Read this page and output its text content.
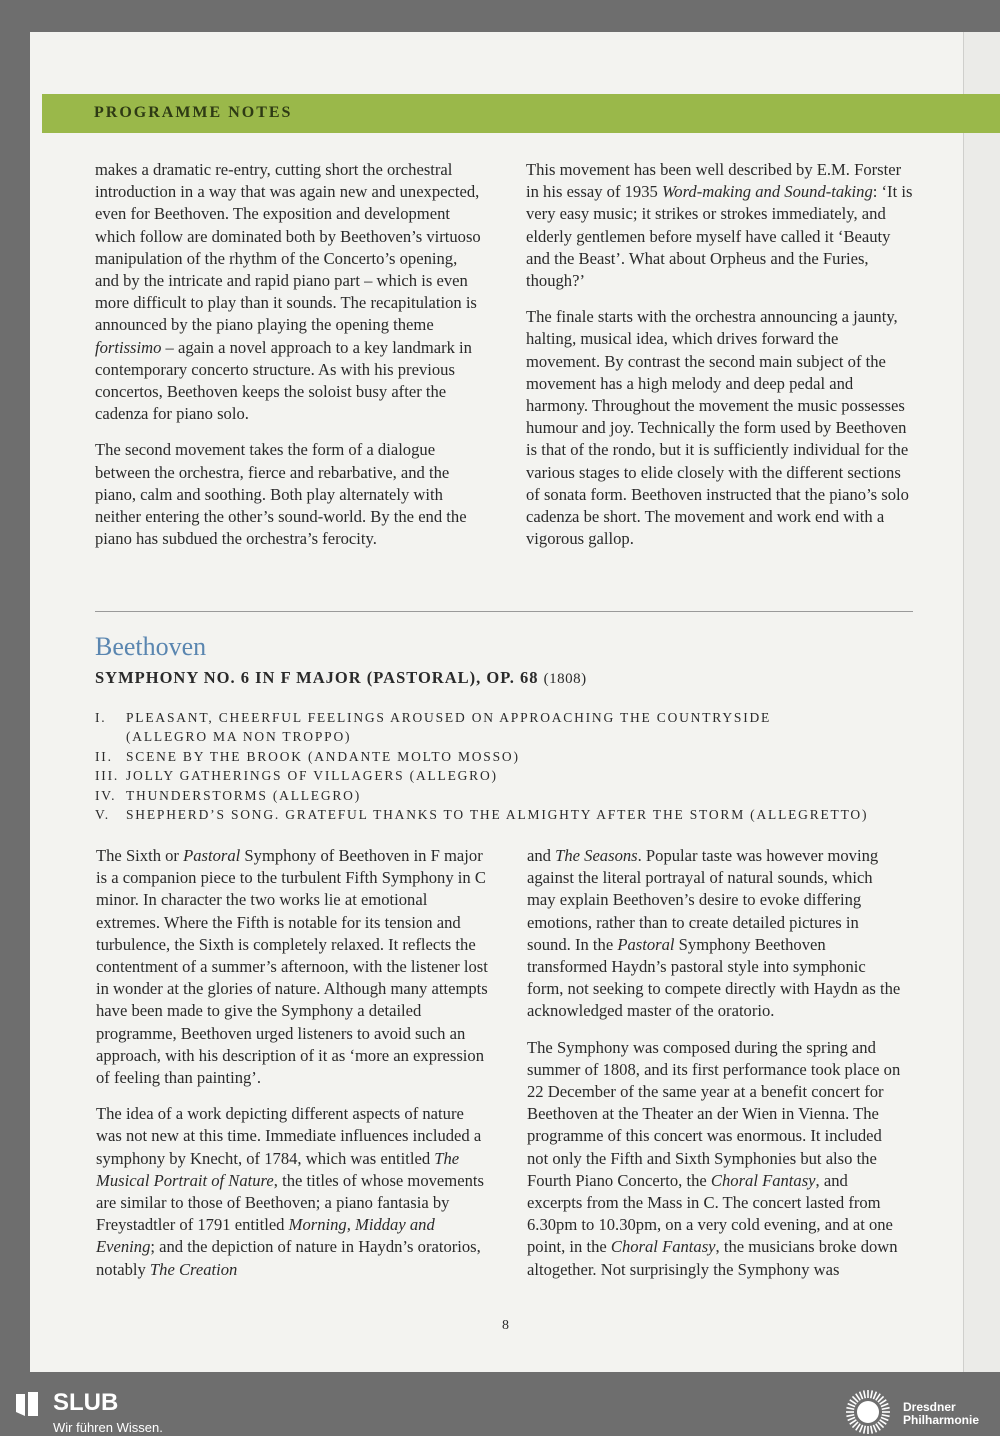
PROGRAMME NOTES

makes a dramatic re-entry, cutting short the orchestral introduction in a way that was again new and unexpected, even for Beethoven. The exposition and development which follow are dominated both by Beethoven’s virtuoso manipulation of the rhythm of the Concerto’s opening, and by the intricate and rapid piano part – which is even more difficult to play than it sounds. The recapitulation is announced by the piano playing the opening theme fortissimo – again a novel approach to a key landmark in contemporary concerto structure. As with his previous concertos, Beethoven keeps the soloist busy after the cadenza for piano solo.

The second movement takes the form of a dialogue between the orchestra, fierce and rebarbative, and the piano, calm and soothing. Both play alternately with neither entering the other’s sound-world. By the end the piano has subdued the orchestra’s ferocity.

This movement has been well described by E.M. Forster in his essay of 1935 Word-making and Sound-taking: ‘It is very easy music; it strikes or strokes immediately, and elderly gentlemen before myself have called it ‘Beauty and the Beast’. What about Orpheus and the Furies, though?’

The finale starts with the orchestra announcing a jaunty, halting, musical idea, which drives forward the movement. By contrast the second main subject of the movement has a high melody and deep pedal and harmony. Throughout the movement the music possesses humour and joy. Technically the form used by Beethoven is that of the rondo, but it is sufficiently individual for the various stages to elide closely with the different sections of sonata form. Beethoven instructed that the piano’s solo cadenza be short. The movement and work end with a vigorous gallop.

Beethoven
SYMPHONY NO. 6 IN F MAJOR (PASTORAL), OP. 68 (1808)
I.	PLEASANT, CHEERFUL FEELINGS AROUSED ON APPROACHING THE COUNTRYSIDE
(ALLEGRO MA NON TROPPO)
II. SCENE BY THE BROOK (ANDANTE MOLTO MOSSO)
III. JOLLY GATHERINGS OF VILLAGERS (ALLEGRO)
IV. THUNDERSTORMS (ALLEGRO)
V.	SHEPHERD’S SONG. GRATEFUL THANKS TO THE ALMIGHTY AFTER THE STORM (ALLEGRETTO)

The Sixth or Pastoral Symphony of Beethoven in F major is a companion piece to the turbulent Fifth Symphony in C minor. In character the two works lie at emotional extremes. Where the Fifth is notable for its tension and turbulence, the Sixth is completely relaxed. It reflects the contentment of a summer’s afternoon, with the listener lost in wonder at the glories of nature. Although many attempts have been made to give the Symphony a detailed programme, Beethoven urged listeners to avoid such an approach, with his description of it as ‘more an expression of feeling than painting’.

The idea of a work depicting different aspects of nature was not new at this time. Immediate influences included a symphony by Knecht, of 1784, which was entitled The Musical Portrait of Nature, the titles of whose movements are similar to those of Beethoven; a piano fantasia by Freystadtler of 1791 entitled Morning, Midday and Evening; and the depiction of nature in Haydn’s oratorios, notably The Creation

and The Seasons. Popular taste was however moving against the literal portrayal of natural sounds, which may explain Beethoven’s desire to evoke differing emotions, rather than to create detailed pictures in sound. In the Pastoral Symphony Beethoven transformed Haydn’s pastoral style into symphonic form, not seeking to compete directly with Haydn as the acknowledged master of the oratorio.

The Symphony was composed during the spring and summer of 1808, and its first performance took place on 22 December of the same year at a benefit concert for Beethoven at the Theater an der Wien in Vienna. The programme of this concert was enormous. It included not only the Fifth and Sixth Symphonies but also the Fourth Piano Concerto, the Choral Fantasy, and excerpts from the Mass in C. The concert lasted from 6.30pm to 10.30pm, on a very cold evening, and at one point, in the Choral Fantasy, the musicians broke down altogether. Not surprisingly the Symphony was

8
SLUB
Wir führen Wissen.
Dresdner
Philharmonie
